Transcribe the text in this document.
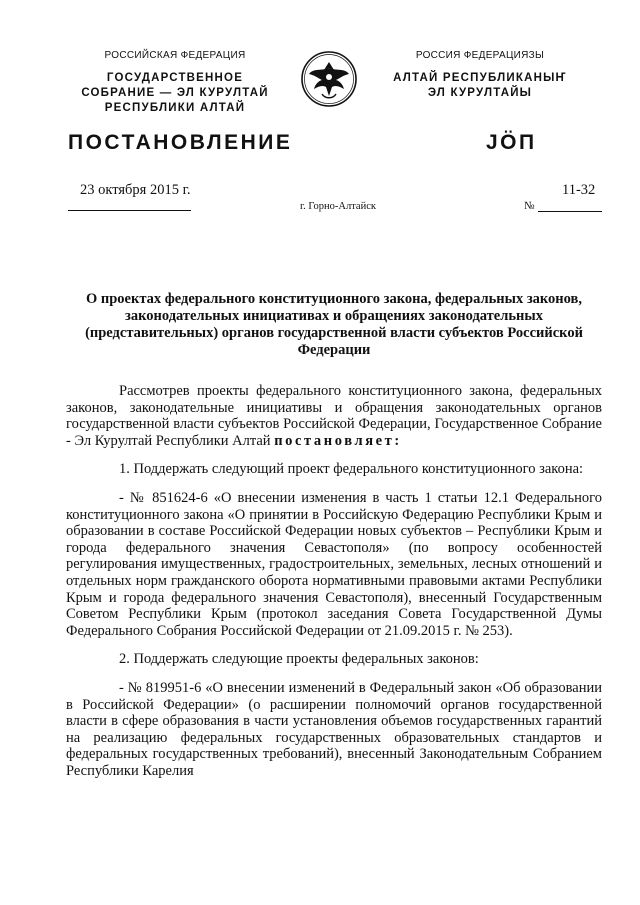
РОССИЙСКАЯ ФЕДЕРАЦИЯ
ГОСУДАРСТВЕННОЕ
СОБРАНИЕ — ЭЛ КУРУЛТАЙ
РЕСПУБЛИКИ АЛТАЙ
РОССИЯ ФЕДЕРАЦИЯЗЫ
АЛТАЙ РЕСПУБЛИКАНЫҤ
ЭЛ КУРУЛТАЙЫ
ПОСТАНОВЛЕНИЕ	ЈӦП
23 октября 2015 г.
г. Горно-Алтайск
11-32
№
О проектах федерального конституционного закона, федеральных законов, законодательных инициативах и обращениях законодательных (представительных) органов государственной власти субъектов Российской Федерации

Рассмотрев проекты федерального конституционного закона, федеральных законов, законодательные инициативы и обращения законодательных органов государственной власти субъектов Российской Федерации, Государственное Собрание - Эл Курултай Республики Алтай постановляет:

1. Поддержать следующий проект федерального конституционного закона:

- № 851624-6 «О внесении изменения в часть 1 статьи 12.1 Федерального конституционного закона «О принятии в Российскую Федерацию Республики Крым и образовании в составе Российской Федерации новых субъектов – Республики Крым и города федерального значения Севастополя» (по вопросу особенностей регулирования имущественных, градостроительных, земельных, лесных отношений и отдельных норм гражданского оборота нормативными правовыми актами Республики Крым и города федерального значения Севастополя), внесенный Государственным Советом Республики Крым (протокол заседания Совета Государственной Думы Федерального Собрания Российской Федерации от 21.09.2015 г. № 253).

2. Поддержать следующие проекты федеральных законов:

- № 819951-6 «О внесении изменений в Федеральный закон «Об образовании в Российской Федерации» (о расширении полномочий органов государственной власти в сфере образования в части установления объемов государственных гарантий на реализацию федеральных государственных образовательных стандартов и федеральных государственных требований), внесенный Законодательным Собранием Республики Карелия
